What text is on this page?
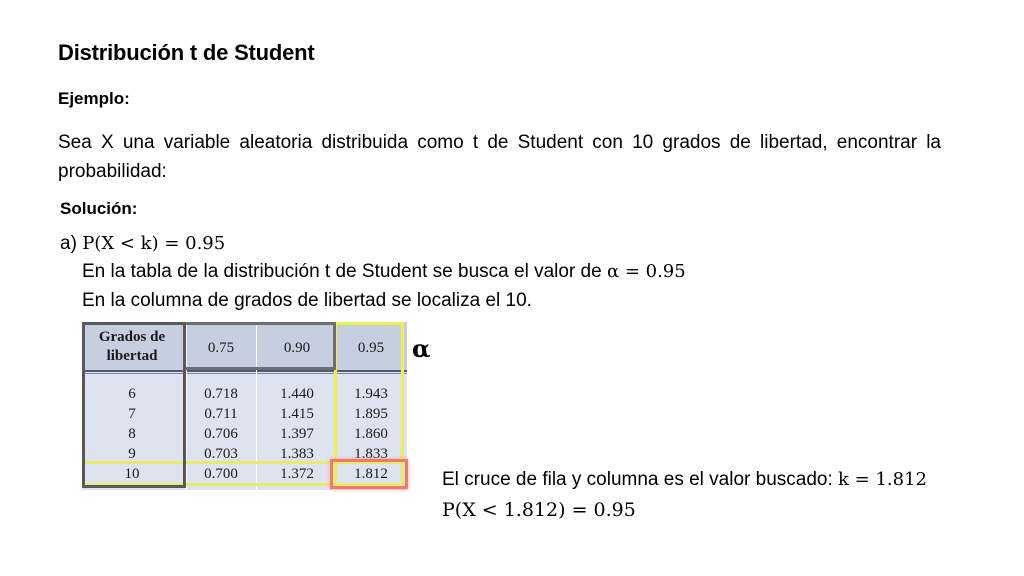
Distribución t de Student
Ejemplo:
Sea X una variable aleatoria distribuida como t de Student con 10 grados de libertad, encontrar la probabilidad:
Solución:
a) P(X < k) = 0.95
En la tabla de la distribución t de Student se busca el valor de α = 0.95
En la columna de grados de libertad se localiza el 10.
Grados de libertad	0.75	0.90	0.95
6	0.718	1.440	1.943
7	0.711	1.415	1.895
8	0.706	1.397	1.860
9	0.703	1.383	1.833
10	0.700	1.372	1.812
α
El cruce de fila y columna es el valor buscado: k = 1.812
P(X < 1.812) = 0.95
